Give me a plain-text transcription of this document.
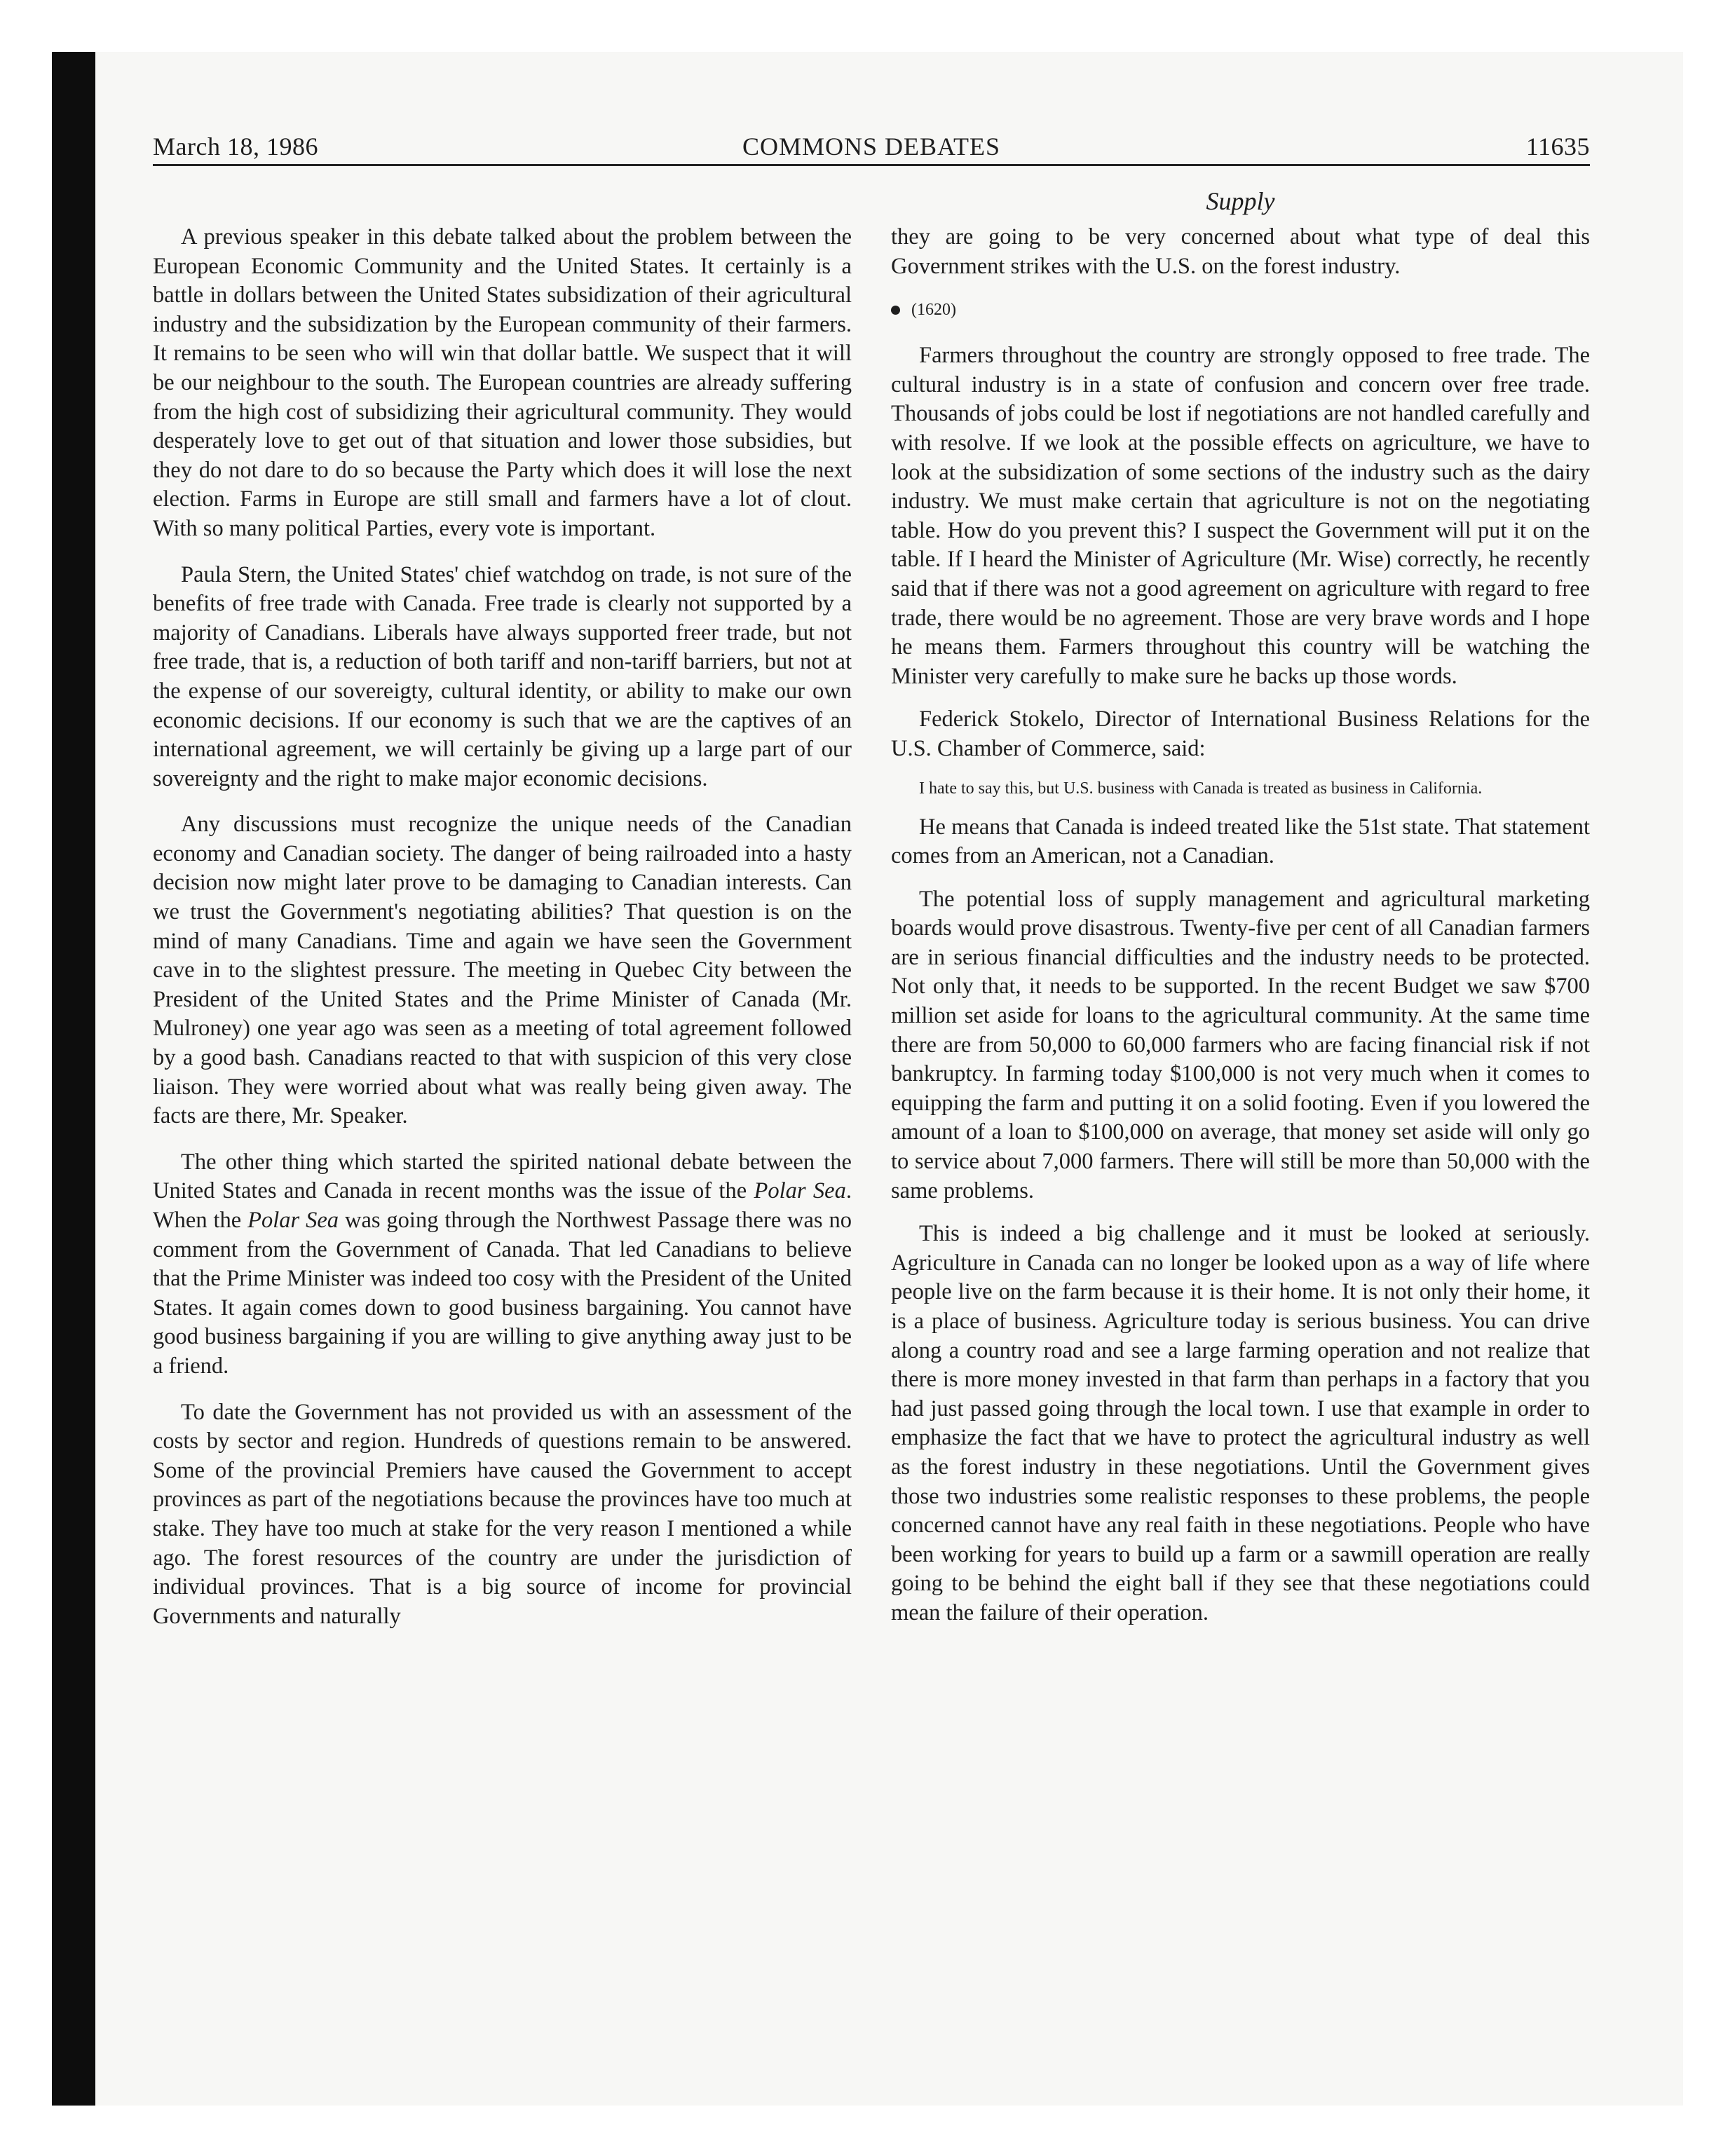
March 18, 1986	COMMONS DEBATES	11635
Supply

A previous speaker in this debate talked about the problem between the European Economic Community and the United States. It certainly is a battle in dollars between the United States subsidization of their agricultural industry and the subsidization by the European community of their farmers. It remains to be seen who will win that dollar battle. We suspect that it will be our neighbour to the south. The European countries are already suffering from the high cost of subsidizing their agricultural community. They would desperately love to get out of that situation and lower those subsidies, but they do not dare to do so because the Party which does it will lose the next election. Farms in Europe are still small and farmers have a lot of clout. With so many political Parties, every vote is important.

Paula Stern, the United States' chief watchdog on trade, is not sure of the benefits of free trade with Canada. Free trade is clearly not supported by a majority of Canadians. Liberals have always supported freer trade, but not free trade, that is, a reduction of both tariff and non-tariff barriers, but not at the expense of our sovereigty, cultural identity, or ability to make our own economic decisions. If our economy is such that we are the captives of an international agreement, we will certainly be giving up a large part of our sovereignty and the right to make major economic decisions.

Any discussions must recognize the unique needs of the Canadian economy and Canadian society. The danger of being railroaded into a hasty decision now might later prove to be damaging to Canadian interests. Can we trust the Government's negotiating abilities? That question is on the mind of many Canadians. Time and again we have seen the Government cave in to the slightest pressure. The meeting in Quebec City between the President of the United States and the Prime Minister of Canada (Mr. Mulroney) one year ago was seen as a meeting of total agreement followed by a good bash. Canadians reacted to that with suspicion of this very close liaison. They were worried about what was really being given away. The facts are there, Mr. Speaker.

The other thing which started the spirited national debate between the United States and Canada in recent months was the issue of the Polar Sea. When the Polar Sea was going through the Northwest Passage there was no comment from the Government of Canada. That led Canadians to believe that the Prime Minister was indeed too cosy with the President of the United States. It again comes down to good business bargaining. You cannot have good business bargaining if you are willing to give anything away just to be a friend.

To date the Government has not provided us with an assessment of the costs by sector and region. Hundreds of questions remain to be answered. Some of the provincial Premiers have caused the Government to accept provinces as part of the negotiations because the provinces have too much at stake. They have too much at stake for the very reason I mentioned a while ago. The forest resources of the country are under the jurisdiction of individual provinces. That is a big source of income for provincial Governments and naturally

they are going to be very concerned about what type of deal this Government strikes with the U.S. on the forest industry.

(1620)

Farmers throughout the country are strongly opposed to free trade. The cultural industry is in a state of confusion and concern over free trade. Thousands of jobs could be lost if negotiations are not handled carefully and with resolve. If we look at the possible effects on agriculture, we have to look at the subsidization of some sections of the industry such as the dairy industry. We must make certain that agriculture is not on the negotiating table. How do you prevent this? I suspect the Government will put it on the table. If I heard the Minister of Agriculture (Mr. Wise) correctly, he recently said that if there was not a good agreement on agriculture with regard to free trade, there would be no agreement. Those are very brave words and I hope he means them. Farmers throughout this country will be watching the Minister very carefully to make sure he backs up those words.

Federick Stokelo, Director of International Business Relations for the U.S. Chamber of Commerce, said:

I hate to say this, but U.S. business with Canada is treated as business in California.

He means that Canada is indeed treated like the 51st state. That statement comes from an American, not a Canadian.

The potential loss of supply management and agricultural marketing boards would prove disastrous. Twenty-five per cent of all Canadian farmers are in serious financial difficulties and the industry needs to be protected. Not only that, it needs to be supported. In the recent Budget we saw $700 million set aside for loans to the agricultural community. At the same time there are from 50,000 to 60,000 farmers who are facing financial risk if not bankruptcy. In farming today $100,000 is not very much when it comes to equipping the farm and putting it on a solid footing. Even if you lowered the amount of a loan to $100,000 on average, that money set aside will only go to service about 7,000 farmers. There will still be more than 50,000 with the same problems.

This is indeed a big challenge and it must be looked at seriously. Agriculture in Canada can no longer be looked upon as a way of life where people live on the farm because it is their home. It is not only their home, it is a place of business. Agriculture today is serious business. You can drive along a country road and see a large farming operation and not realize that there is more money invested in that farm than perhaps in a factory that you had just passed going through the local town. I use that example in order to emphasize the fact that we have to protect the agricultural industry as well as the forest industry in these negotiations. Until the Government gives those two industries some realistic responses to these problems, the people concerned cannot have any real faith in these negotiations. People who have been working for years to build up a farm or a sawmill operation are really going to be behind the eight ball if they see that these negotiations could mean the failure of their operation.
